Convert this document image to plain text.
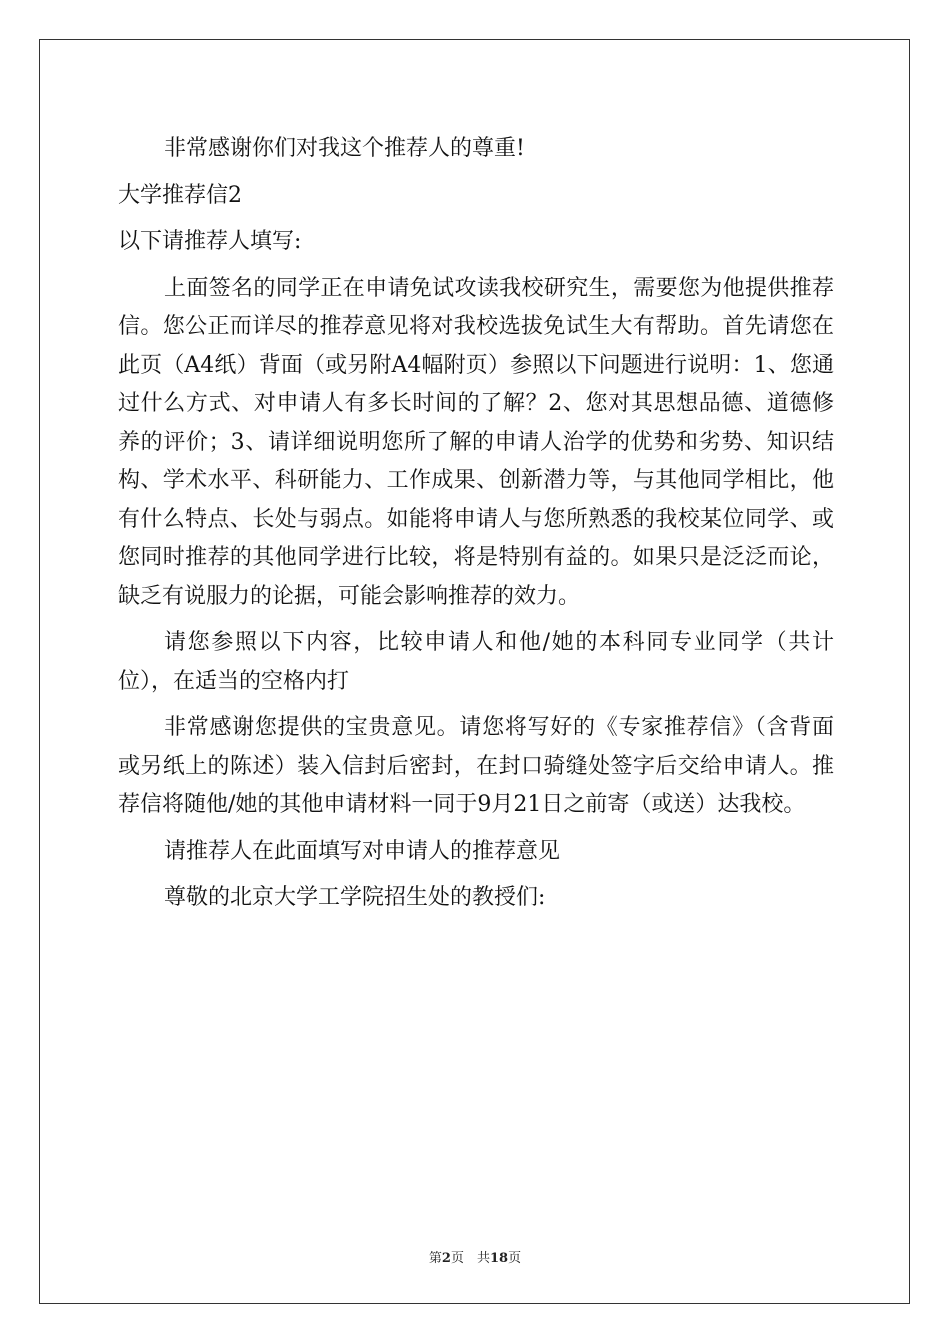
非常感谢你们对我这个推荐人的尊重!

大学推荐信2

以下请推荐人填写:

上面签名的同学正在申请免试攻读我校研究生，需要您为他提供推荐信。您公正而详尽的推荐意见将对我校选拔免试生大有帮助。首先请您在此页（A4纸）背面（或另附A4幅附页）参照以下问题进行说明：1、您通过什么方式、对申请人有多长时间的了解？2、您对其思想品德、道德修养的评价；3、请详细说明您所了解的申请人治学的优势和劣势、知识结构、学术水平、科研能力、工作成果、创新潜力等，与其他同学相比，他有什么特点、长处与弱点。如能将申请人与您所熟悉的我校某位同学、或您同时推荐的其他同学进行比较，将是特别有益的。如果只是泛泛而论，缺乏有说服力的论据，可能会影响推荐的效力。

请您参照以下内容，比较申请人和他/她的本科同专业同学（共计 位），在适当的空格内打

非常感谢您提供的宝贵意见。请您将写好的《专家推荐信》（含背面或另纸上的陈述）装入信封后密封，在封口骑缝处签字后交给申请人。推荐信将随他/她的其他申请材料一同于9月21日之前寄（或送）达我校。

请推荐人在此面填写对申请人的推荐意见

尊敬的北京大学工学院招生处的教授们:

第2页　共18页
